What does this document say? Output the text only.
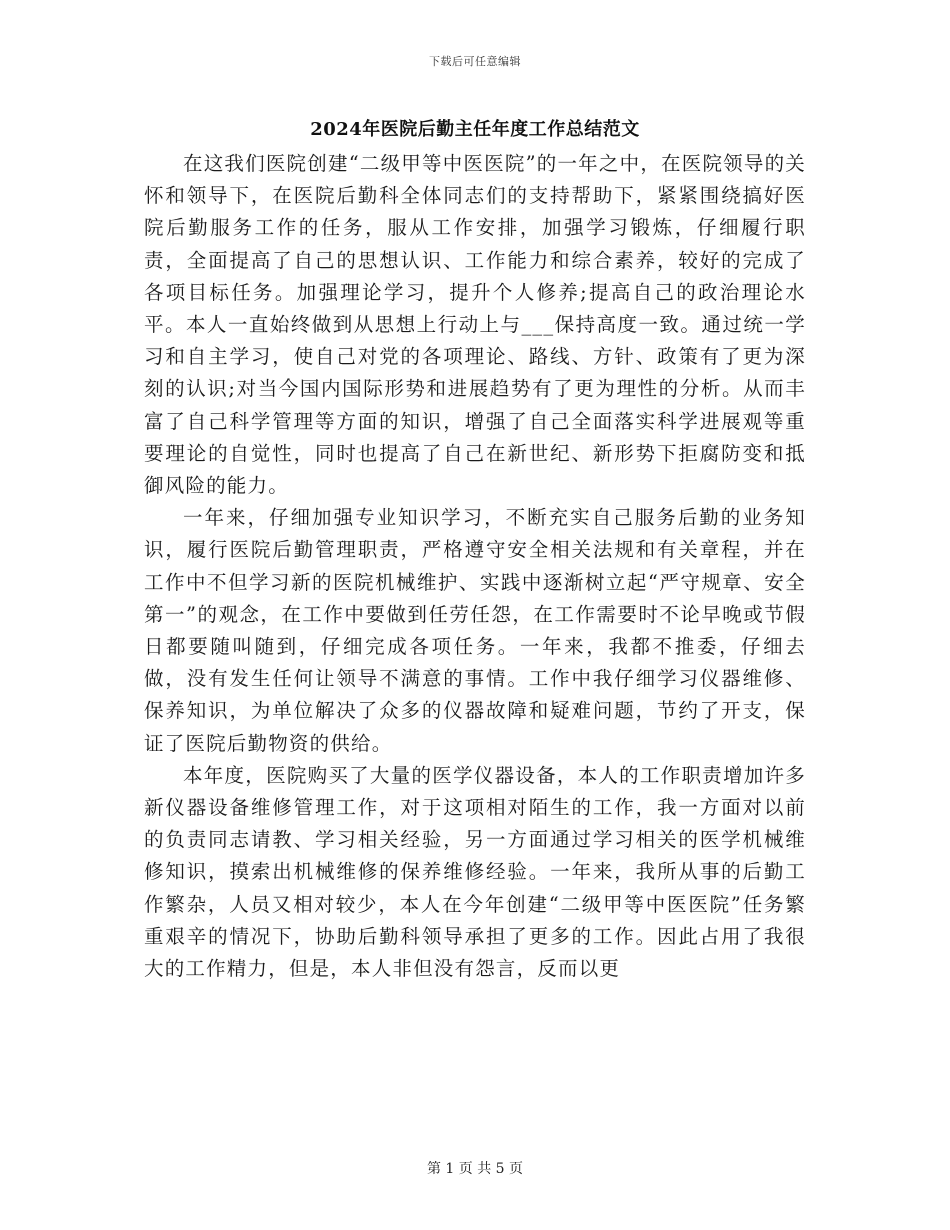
下载后可任意编辑
2024年医院后勤主任年度工作总结范文

在这我们医院创建“二级甲等中医医院”的一年之中，在医院领导的关怀和领导下，在医院后勤科全体同志们的支持帮助下，紧紧围绕搞好医院后勤服务工作的任务，服从工作安排，加强学习锻炼，仔细履行职责，全面提高了自己的思想认识、工作能力和综合素养，较好的完成了各项目标任务。加强理论学习，提升个人修养;提高自己的政治理论水平。本人一直始终做到从思想上行动上与___保持高度一致。通过统一学习和自主学习，使自己对党的各项理论、路线、方针、政策有了更为深刻的认识;对当今国内国际形势和进展趋势有了更为理性的分析。从而丰富了自己科学管理等方面的知识，增强了自己全面落实科学进展观等重要理论的自觉性，同时也提高了自己在新世纪、新形势下拒腐防变和抵御风险的能力。

一年来，仔细加强专业知识学习，不断充实自己服务后勤的业务知识，履行医院后勤管理职责，严格遵守安全相关法规和有关章程，并在工作中不但学习新的医院机械维护、实践中逐渐树立起“严守规章、安全第一”的观念，在工作中要做到任劳任怨，在工作需要时不论早晚或节假日都要随叫随到，仔细完成各项任务。一年来，我都不推委，仔细去做，没有发生任何让领导不满意的事情。工作中我仔细学习仪器维修、保养知识，为单位解决了众多的仪器故障和疑难问题，节约了开支，保证了医院后勤物资的供给。

本年度，医院购买了大量的医学仪器设备，本人的工作职责增加许多新仪器设备维修管理工作，对于这项相对陌生的工作，我一方面对以前的负责同志请教、学习相关经验，另一方面通过学习相关的医学机械维修知识，摸索出机械维修的保养维修经验。一年来，我所从事的后勤工作繁杂，人员又相对较少，本人在今年创建“二级甲等中医医院”任务繁重艰辛的情况下，协助后勤科领导承担了更多的工作。因此占用了我很大的工作精力，但是，本人非但没有怨言，反而以更

第 1 页 共 5 页
